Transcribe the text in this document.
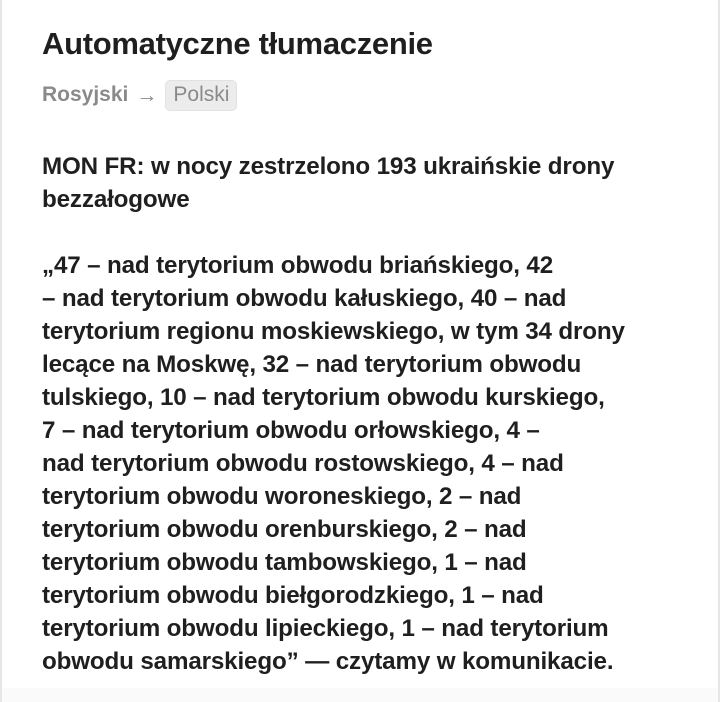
Automatyczne tłumaczenie
Rosyjski → Polski

MON FR: w nocy zestrzelono 193 ukraińskie drony
bezzałogowe

„47 – nad terytorium obwodu briańskiego, 42
– nad terytorium obwodu kałuskiego, 40 – nad
terytorium regionu moskiewskiego, w tym 34 drony
lecące na Moskwę, 32 – nad terytorium obwodu
tulskiego, 10 – nad terytorium obwodu kurskiego,
7 – nad terytorium obwodu orłowskiego, 4 –
nad terytorium obwodu rostowskiego, 4 – nad
terytorium obwodu woroneskiego, 2 – nad
terytorium obwodu orenburskiego, 2 – nad
terytorium obwodu tambowskiego, 1 – nad
terytorium obwodu biełgorodzkiego, 1 – nad
terytorium obwodu lipieckiego, 1 – nad terytorium
obwodu samarskiego” — czytamy w komunikacie.
